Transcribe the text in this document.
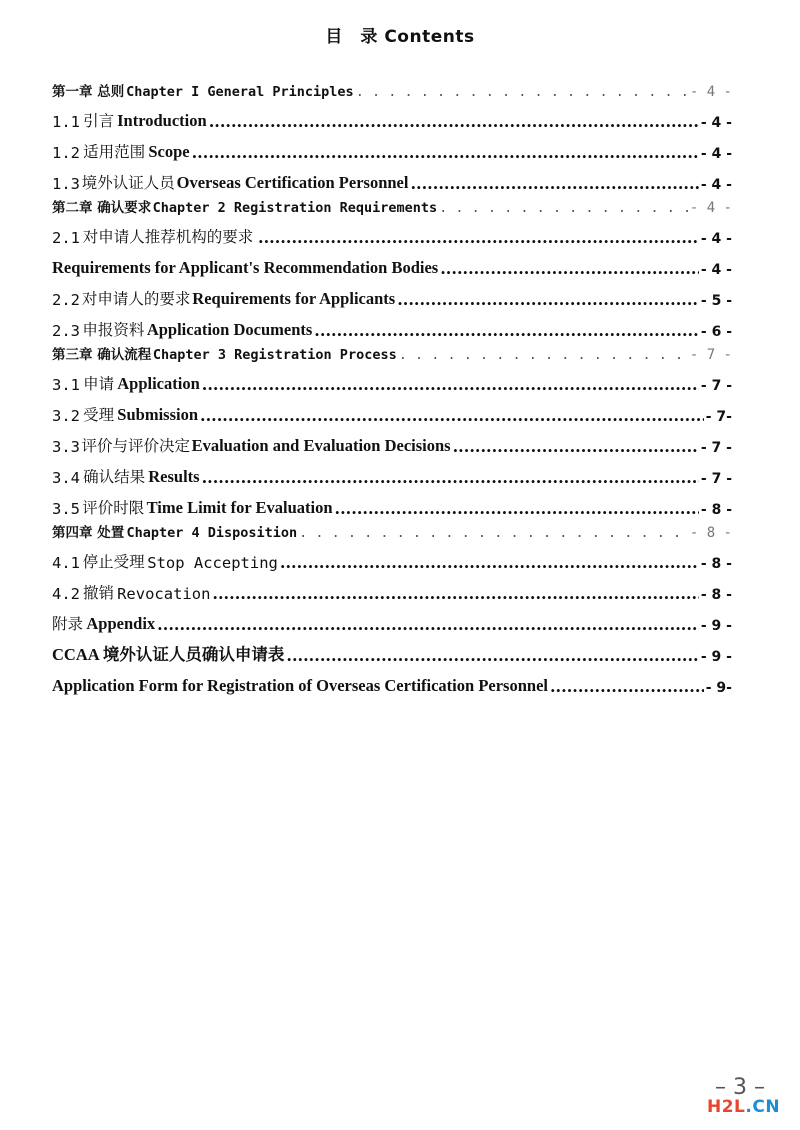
目　录 Contents
第一章 总则 Chapter I General Principles . . .	- 4 -
1.1 引言 Introduction .....	- 4 -
1.2 适用范围 Scope .....	- 4 -
1.3 境外认证人员 Overseas Certification Personnel .....	- 4 -
第二章 确认要求 Chapter 2 Registration Requirements . . .	- 4 -
2.1 对申请人推荐机构的要求 .....	- 4 -
Requirements for Applicant's Recommendation Bodies .....	- 4 -
2.2 对申请人的要求 Requirements for Applicants .....	- 5 -
2.3 申报资料 Application Documents .....	- 6 -
第三章 确认流程 Chapter 3 Registration Process . . .	- 7 -
3.1 申请 Application .....	- 7 -
3.2 受理 Submission .....	- 7-
3.3 评价与评价决定 Evaluation and Evaluation Decisions .....	- 7 -
3.4 确认结果 Results .....	- 7 -
3.5 评价时限 Time Limit for Evaluation .....	- 8 -
第四章 处置 Chapter 4 Disposition . . .	- 8 -
4.1 停止受理 Stop Accepting .....	- 8 -
4.2 撤销 Revocation .....	- 8 -
附录 Appendix .....	- 9 -
CCAA 境外认证人员确认申请表 .....	- 9 -
Application Form for Registration of Overseas Certification Personnel .....	- 9-
– 3 –
H2L.CN
